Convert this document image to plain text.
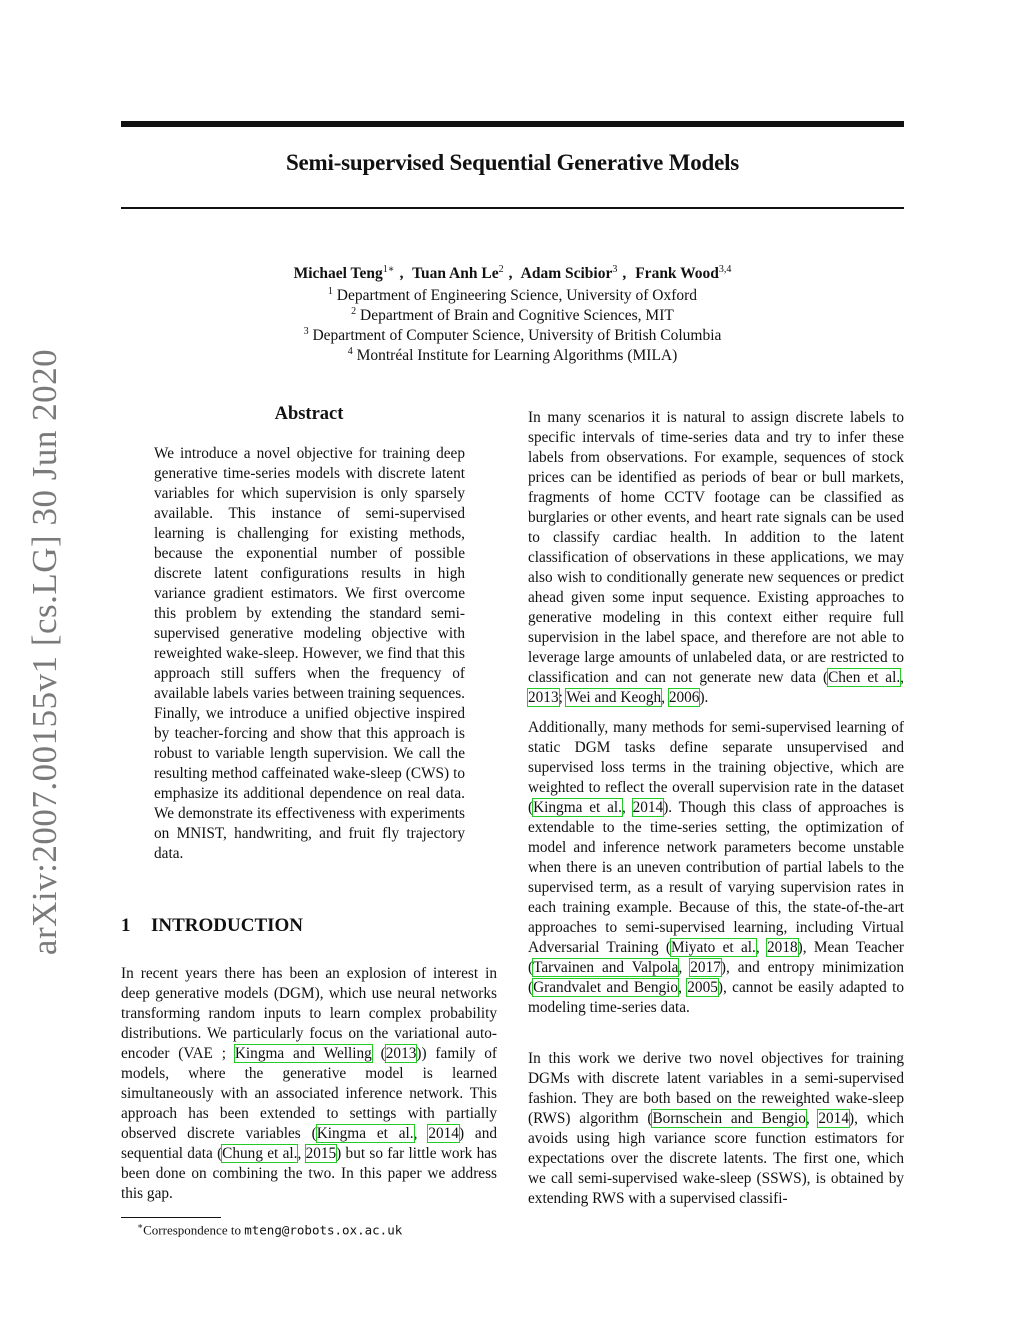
Semi-supervised Sequential Generative Models
Michael Teng$^{1∗}$ , Tuan Anh Le$^2$ , Adam Scibior$^3$ , Frank Wood$^{3,4}$
$^1$ Department of Engineering Science, University of Oxford
$^2$ Department of Brain and Cognitive Sciences, MIT
$^3$ Department of Computer Science, University of British Columbia
$^4$ Montréal Institute for Learning Algorithms (MILA)
arXiv:2007.00155v1 [cs.LG] 30 Jun 2020	Abstract
We introduce a novel objective for training deep generative time-series models with discrete latent variables for which supervision is only sparsely available. This instance of semi-supervised learning is challenging for existing methods, because the exponential number of possible discrete latent configurations results in high variance gradient estimators. We first overcome this problem by extending the standard semi-supervised generative modeling objective with reweighted wake-sleep. However, we find that this approach still suffers when the frequency of available labels varies between training sequences. Finally, we introduce a unified objective inspired by teacher-forcing and show that this approach is robust to variable length supervision. We call the resulting method caffeinated wake-sleep (CWS) to emphasize its additional dependence on real data. We demonstrate its effectiveness with experiments on MNIST, handwriting, and fruit fly trajectory data.
1 INTRODUCTION
In recent years there has been an explosion of interest in deep generative models (DGM), which use neural networks transforming random inputs to learn complex probability distributions. We particularly focus on the variational auto-encoder (VAE ; Kingma and Welling (2013)) family of models, where the generative model is learned simultaneously with an associated inference network. This approach has been extended to settings with partially observed discrete variables (Kingma et al., 2014) and sequential data (Chung et al., 2015) but so far little work has been done on combining the two. In this paper we address this gap.
In many scenarios it is natural to assign discrete labels to specific intervals of time-series data and try to infer these labels from observations. For example, sequences of stock prices can be identified as periods of bear or bull markets, fragments of home CCTV footage can be classified as burglaries or other events, and heart rate signals can be used to classify cardiac health. In addition to the latent classification of observations in these applications, we may also wish to conditionally generate new sequences or predict ahead given some input sequence. Existing approaches to generative modeling in this context either require full supervision in the label space, and therefore are not able to leverage large amounts of unlabeled data, or are restricted to classification and can not generate new data (Chen et al., 2013; Wei and Keogh, 2006).
Additionally, many methods for semi-supervised learning of static DGM tasks define separate unsupervised and supervised loss terms in the training objective, which are weighted to reflect the overall supervision rate in the dataset (Kingma et al., 2014). Though this class of approaches is extendable to the time-series setting, the optimization of model and inference network parameters become unstable when there is an uneven contribution of partial labels to the supervised term, as a result of varying supervision rates in each training example. Because of this, the state-of-the-art approaches to semi-supervised learning, including Virtual Adversarial Training (Miyato et al., 2018), Mean Teacher (Tarvainen and Valpola, 2017), and entropy minimization (Grandvalet and Bengio, 2005), cannot be easily adapted to modeling time-series data.
In this work we derive two novel objectives for training DGMs with discrete latent variables in a semi-supervised fashion. They are both based on the reweighted wake-sleep (RWS) algorithm (Bornschein and Bengio, 2014), which avoids using high variance score function estimators for expectations over the discrete latents. The first one, which we call semi-supervised wake-sleep (SSWS), is obtained by extending RWS with a supervised classifi-
∗Correspondence to mteng@robots.ox.ac.uk
